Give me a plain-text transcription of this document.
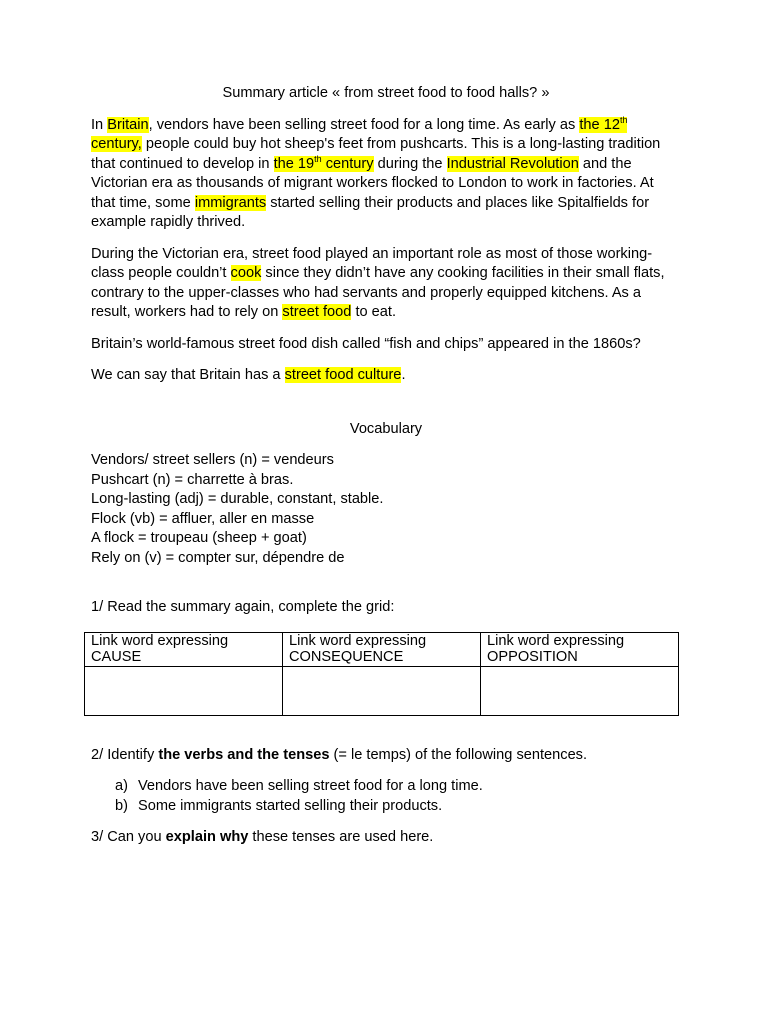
Summary article « from street food to food halls? »

In Britain, vendors have been selling street food for a long time. As early as the 12th century, people could buy hot sheep's feet from pushcarts. This is a long-lasting tradition that continued to develop in the 19th century during the Industrial Revolution and the Victorian era as thousands of migrant workers flocked to London to work in factories. At that time, some immigrants started selling their products and places like Spitalfields for example rapidly thrived.

During the Victorian era, street food played an important role as most of those working-class people couldn’t cook since they didn’t have any cooking facilities in their small flats, contrary to the upper-classes who had servants and properly equipped kitchens. As a result, workers had to rely on street food to eat.

Britain’s world-famous street food dish called “fish and chips” appeared in the 1860s?

We can say that Britain has a street food culture.

Vocabulary
Vendors/ street sellers (n) = vendeurs
Pushcart (n) = charrette à bras.
Long-lasting (adj) = durable, constant, stable.
Flock (vb) = affluer, aller en masse
A flock = troupeau (sheep + goat)
Rely on (v) = compter sur, dépendre de
1/ Read the summary again, complete the grid:
Link word expressing
CAUSE	Link word expressing
CONSEQUENCE	Link word expressing
OPPOSITION

2/ Identify the verbs and the tenses (= le temps) of the following sentences.
a) Vendors have been selling street food for a long time.
b) Some immigrants started selling their products.
3/ Can you explain why these tenses are used here.
